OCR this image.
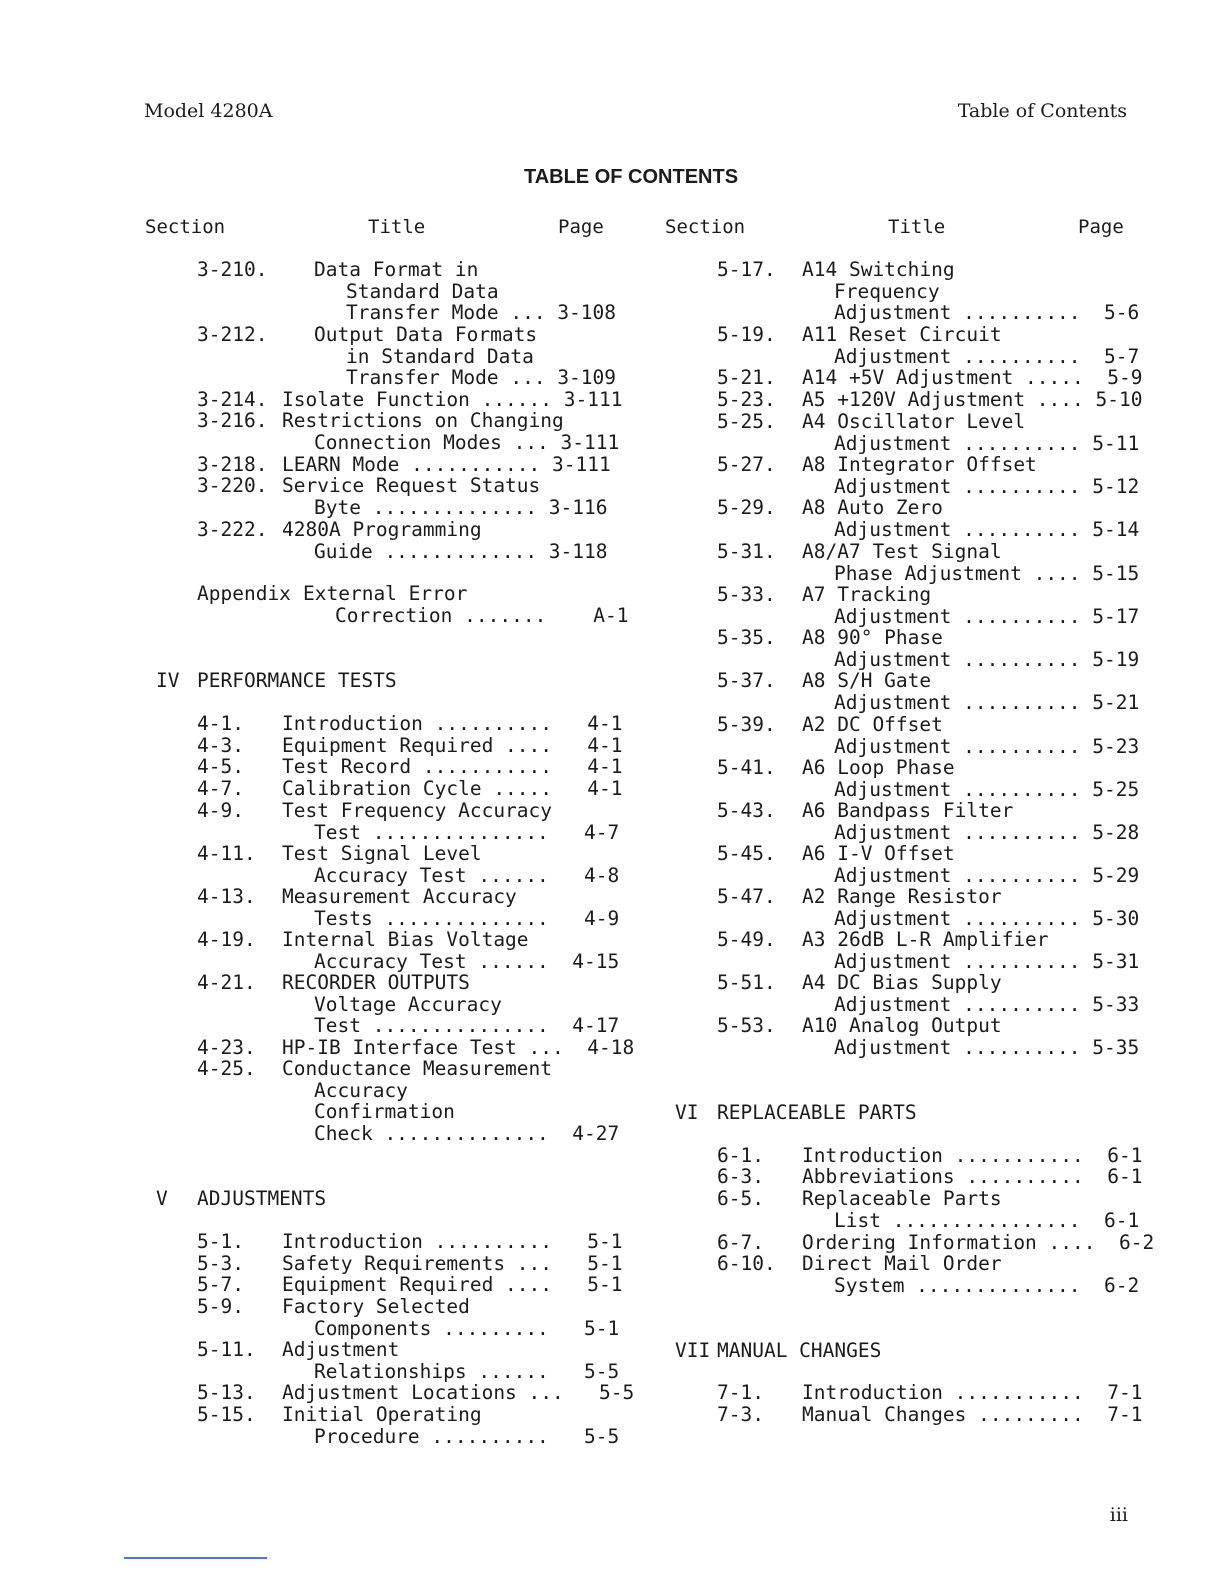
Model 4280A	Table of Contents
TABLE OF CONTENTS
Section	Title	Page	Section	Title	Page
3-210. Data Format in
Standard Data
Transfer Mode ... 3-108
3-212. Output Data Formats
in Standard Data
Transfer Mode ... 3-109
3-214. Isolate Function ...... 3-111
3-216. Restrictions on Changing
Connection Modes ... 3-111
3-218. LEARN Mode ........... 3-111
3-220. Service Request Status
Byte .............. 3-116
3-222. 4280A Programming
Guide ............. 3-118
Appendix External Error
Correction .......    A-1
IV PERFORMANCE TESTS
4-1. Introduction ..........   4-1
4-3. Equipment Required ....   4-1
4-5. Test Record ...........   4-1
4-7. Calibration Cycle .....   4-1
4-9. Test Frequency Accuracy
Test ...............   4-7
4-11. Test Signal Level
Accuracy Test ......   4-8
4-13. Measurement Accuracy
Tests ..............   4-9
4-19. Internal Bias Voltage
Accuracy Test ......  4-15
4-21. RECORDER OUTPUTS
Voltage Accuracy
Test ...............  4-17
4-23. HP-IB Interface Test ...  4-18
4-25. Conductance Measurement
Accuracy
Confirmation
Check ..............  4-27
V ADJUSTMENTS
5-1. Introduction ..........   5-1
5-3. Safety Requirements ...   5-1
5-7. Equipment Required ....   5-1
5-9. Factory Selected
Components .........   5-1
5-11. Adjustment
Relationships ......   5-5
5-13. Adjustment Locations ...   5-5
5-15. Initial Operating
Procedure ..........   5-5
5-17. A14 Switching
Frequency
Adjustment ..........  5-6
5-19. A11 Reset Circuit
Adjustment ..........  5-7
5-21. A14 +5V Adjustment .....  5-9
5-23. A5 +120V Adjustment .... 5-10
5-25. A4 Oscillator Level
Adjustment .......... 5-11
5-27. A8 Integrator Offset
Adjustment .......... 5-12
5-29. A8 Auto Zero
Adjustment .......... 5-14
5-31. A8/A7 Test Signal
Phase Adjustment .... 5-15
5-33. A7 Tracking
Adjustment .......... 5-17
5-35. A8 90° Phase
Adjustment .......... 5-19
5-37. A8 S/H Gate
Adjustment .......... 5-21
5-39. A2 DC Offset
Adjustment .......... 5-23
5-41. A6 Loop Phase
Adjustment .......... 5-25
5-43. A6 Bandpass Filter
Adjustment .......... 5-28
5-45. A6 I-V Offset
Adjustment .......... 5-29
5-47. A2 Range Resistor
Adjustment .......... 5-30
5-49. A3 26dB L-R Amplifier
Adjustment .......... 5-31
5-51. A4 DC Bias Supply
Adjustment .......... 5-33
5-53. A10 Analog Output
Adjustment .......... 5-35
VI REPLACEABLE PARTS
6-1. Introduction ...........  6-1
6-3. Abbreviations ..........  6-1
6-5. Replaceable Parts
List ................  6-1
6-7. Ordering Information ....  6-2
6-10. Direct Mail Order
System ..............  6-2
VII MANUAL CHANGES
7-1. Introduction ...........  7-1
7-3. Manual Changes .........  7-1
iii
